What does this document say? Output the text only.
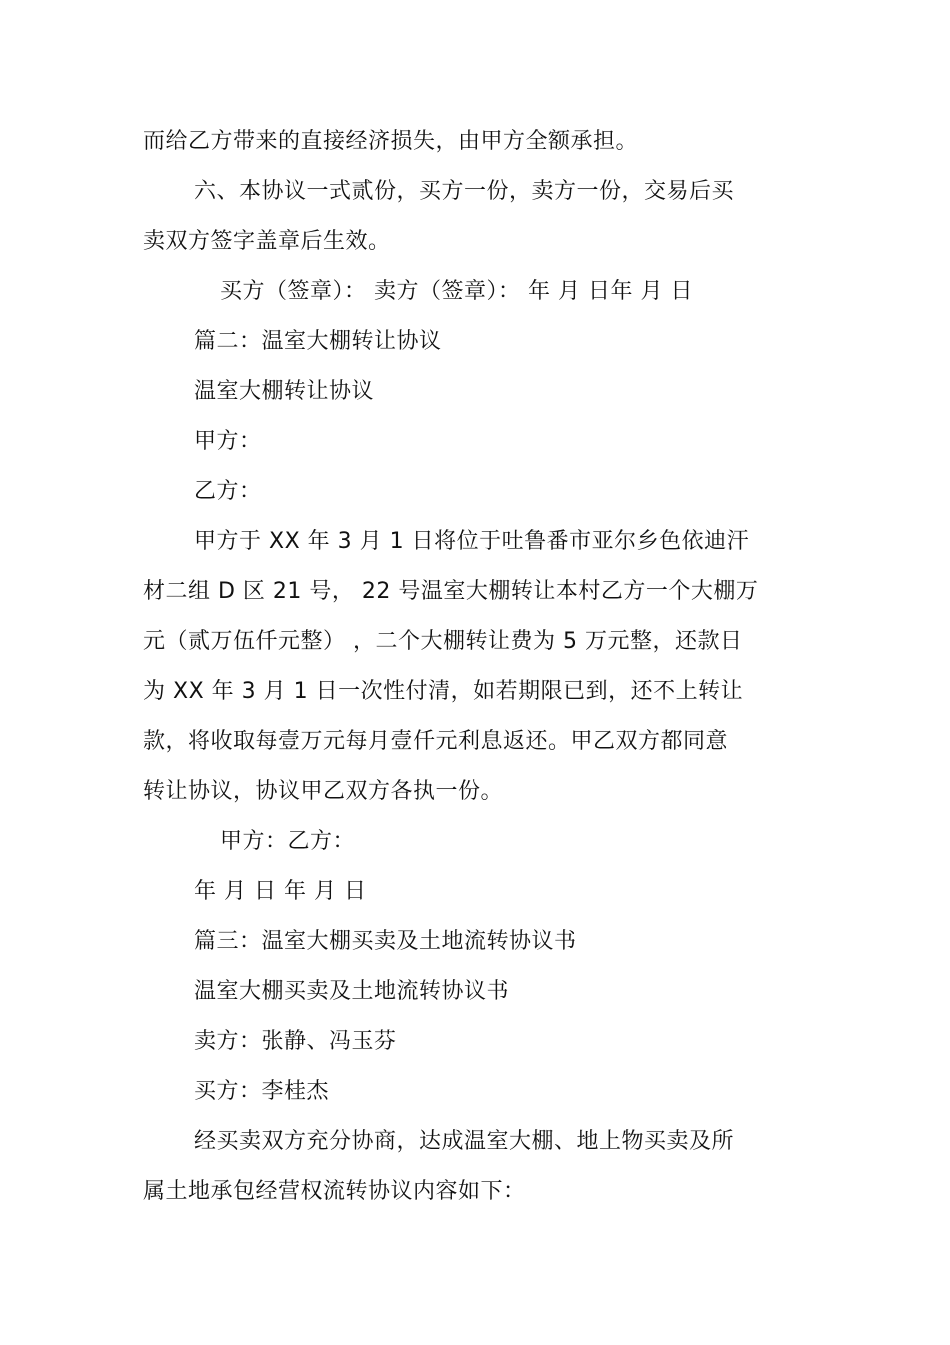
而给乙方带来的直接经济损失，由甲方全额承担。
六、本协议一式贰份，买方一份，卖方一份，交易后买
卖双方签字盖章后生效。
买方（签章）： 卖方（签章）： 年 月 日年 月 日
篇二：温室大棚转让协议
温室大棚转让协议
甲方：
乙方：
甲方于 XX 年 3 月 1 日将位于吐鲁番市亚尔乡色依迪汗
材二组 D 区 21 号， 22 号温室大棚转让本村乙方一个大棚万
元（贰万伍仟元整） ，二个大棚转让费为 5 万元整，还款日
为 XX 年 3 月 1 日一次性付清，如若期限已到，还不上转让
款，将收取每壹万元每月壹仟元利息返还。甲乙双方都同意
转让协议，协议甲乙双方各执一份。
甲方：乙方：
年 月 日 年 月 日
篇三：温室大棚买卖及土地流转协议书
温室大棚买卖及土地流转协议书
卖方：张静、冯玉芬
买方：李桂杰
经买卖双方充分协商，达成温室大棚、地上物买卖及所
属土地承包经营权流转协议内容如下：
